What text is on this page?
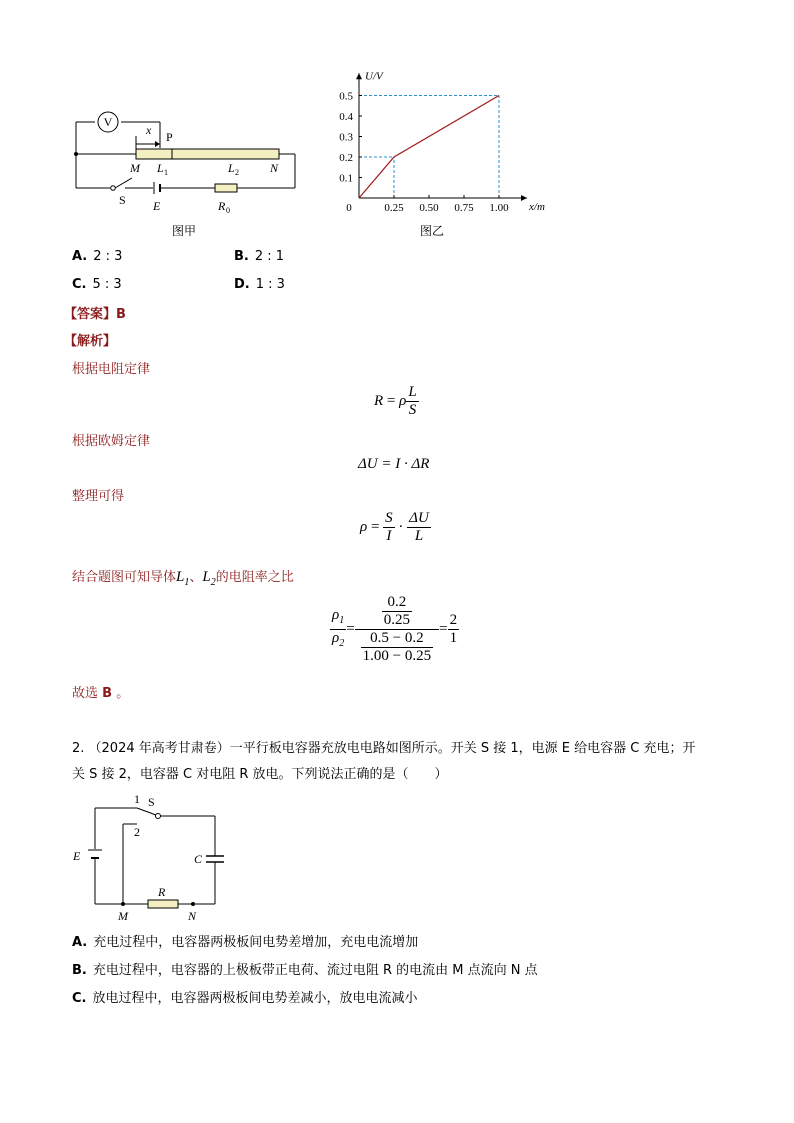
V
x P
M L 1	L 2	N
S E	R 0
图甲
0.25 0.50 0.75 1.00
0.1
0.2
0.3
0.4
0.5
0	x/m
U/V
图乙
A. 2 : 3	B. 2 : 1
C. 5 : 3	D. 1 : 3
【答案】B
【解析】
根据电阻定律
R = ρ $\frac{L}{S}$
根据欧姆定律
ΔU = I · ΔR
整理可得
$\rho = \frac{S}{I} \cdot \frac{\Delta U}{L}$
结合题图可知导体$L_1$、$L_2$的电阻率之比
$\frac{\rho_1}{\rho_2} = \frac{\frac{0.2}{0.25}}{\frac{0.5 - 0.2}{1.00 - 0.25}} = \frac{2}{1}$
故选 B 。
2. （2024 年高考甘肃卷）一平行板电容器充放电电路如图所示。开关 S 接 1，电源 E 给电容器 C 充电；开
关 S 接 2，电容器 C 对电阻 R 放电。下列说法正确的是（　　）
1 S
2
E	C
R
M	N
A. 充电过程中，电容器两极板间电势差增加，充电电流增加
B. 充电过程中，电容器的上极板带正电荷、流过电阻 R 的电流由 M 点流向 N 点
C. 放电过程中，电容器两极板间电势差减小，放电电流减小
